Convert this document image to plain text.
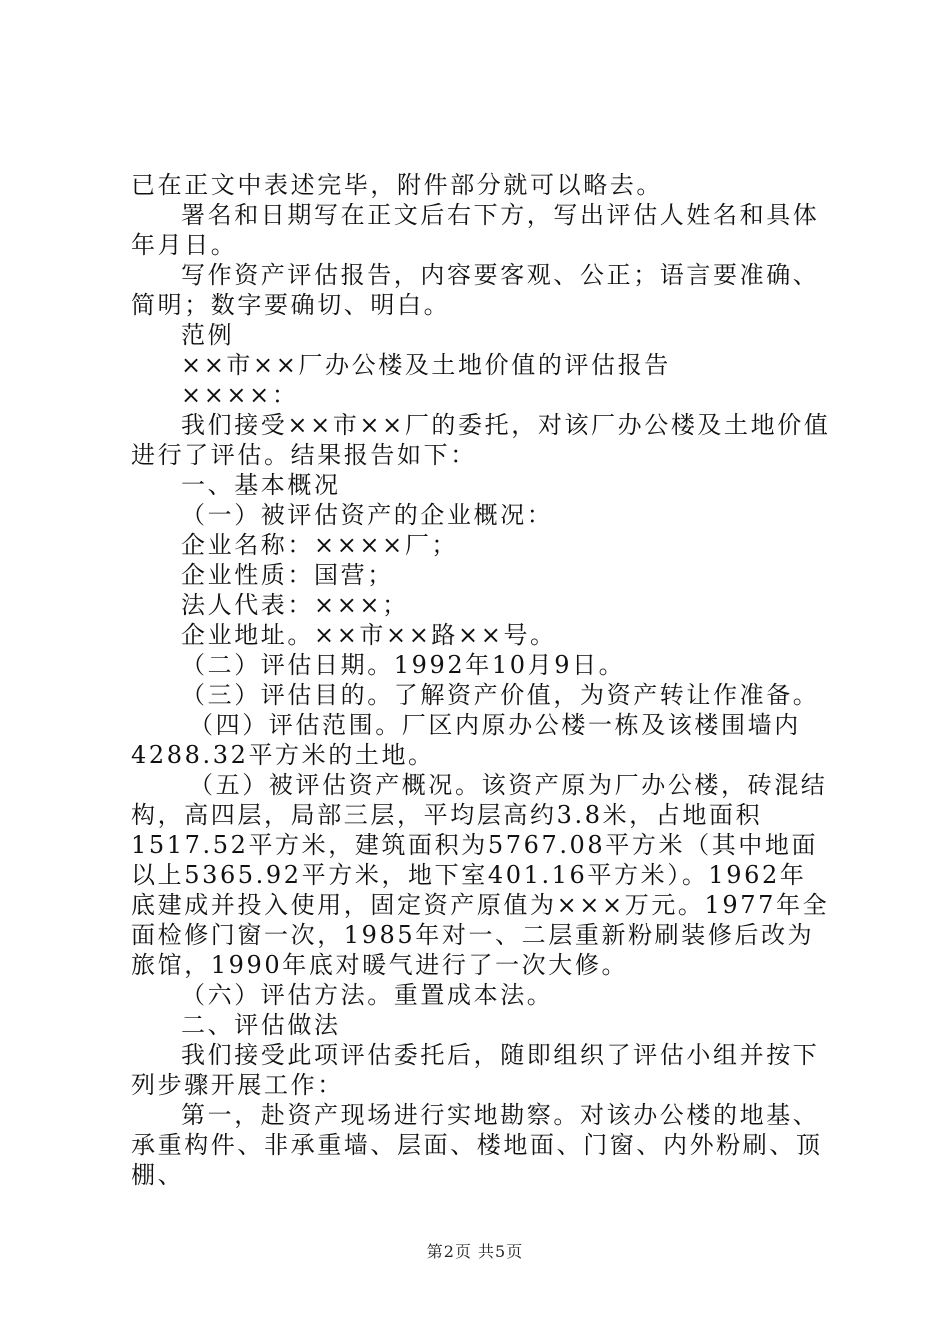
已在正文中表述完毕，附件部分就可以略去。

署名和日期写在正文后右下方，写出评估人姓名和具体年月日。

写作资产评估报告，内容要客观、公正；语言要准确、简明；数字要确切、明白。

范例

××市××厂办公楼及土地价值的评估报告

××××：

我们接受××市××厂的委托，对该厂办公楼及土地价值进行了评估。结果报告如下：

一、基本概况

（一）被评估资产的企业概况：

企业名称：××××厂；

企业性质：国营；

法人代表：×××；

企业地址。××市××路××号。

（二）评估日期。1992年10月9日。

（三）评估目的。了解资产价值，为资产转让作准备。

（四）评估范围。厂区内原办公楼一栋及该楼围墙内4288.32平方米的土地。

（五）被评估资产概况。该资产原为厂办公楼，砖混结构，高四层，局部三层，平均层高约3.8米，占地面积1517.52平方米，建筑面积为5767.08平方米（其中地面以上5365.92平方米，地下室401.16平方米）。1962年底建成并投入使用，固定资产原值为×××万元。1977年全面检修门窗一次，1985年对一、二层重新粉刷装修后改为旅馆，1990年底对暖气进行了一次大修。

（六）评估方法。重置成本法。

二、评估做法

我们接受此项评估委托后，随即组织了评估小组并按下列步骤开展工作：

第一，赴资产现场进行实地勘察。对该办公楼的地基、承重构件、非承重墙、层面、楼地面、门窗、内外粉刷、顶棚、

第2页 共5页
